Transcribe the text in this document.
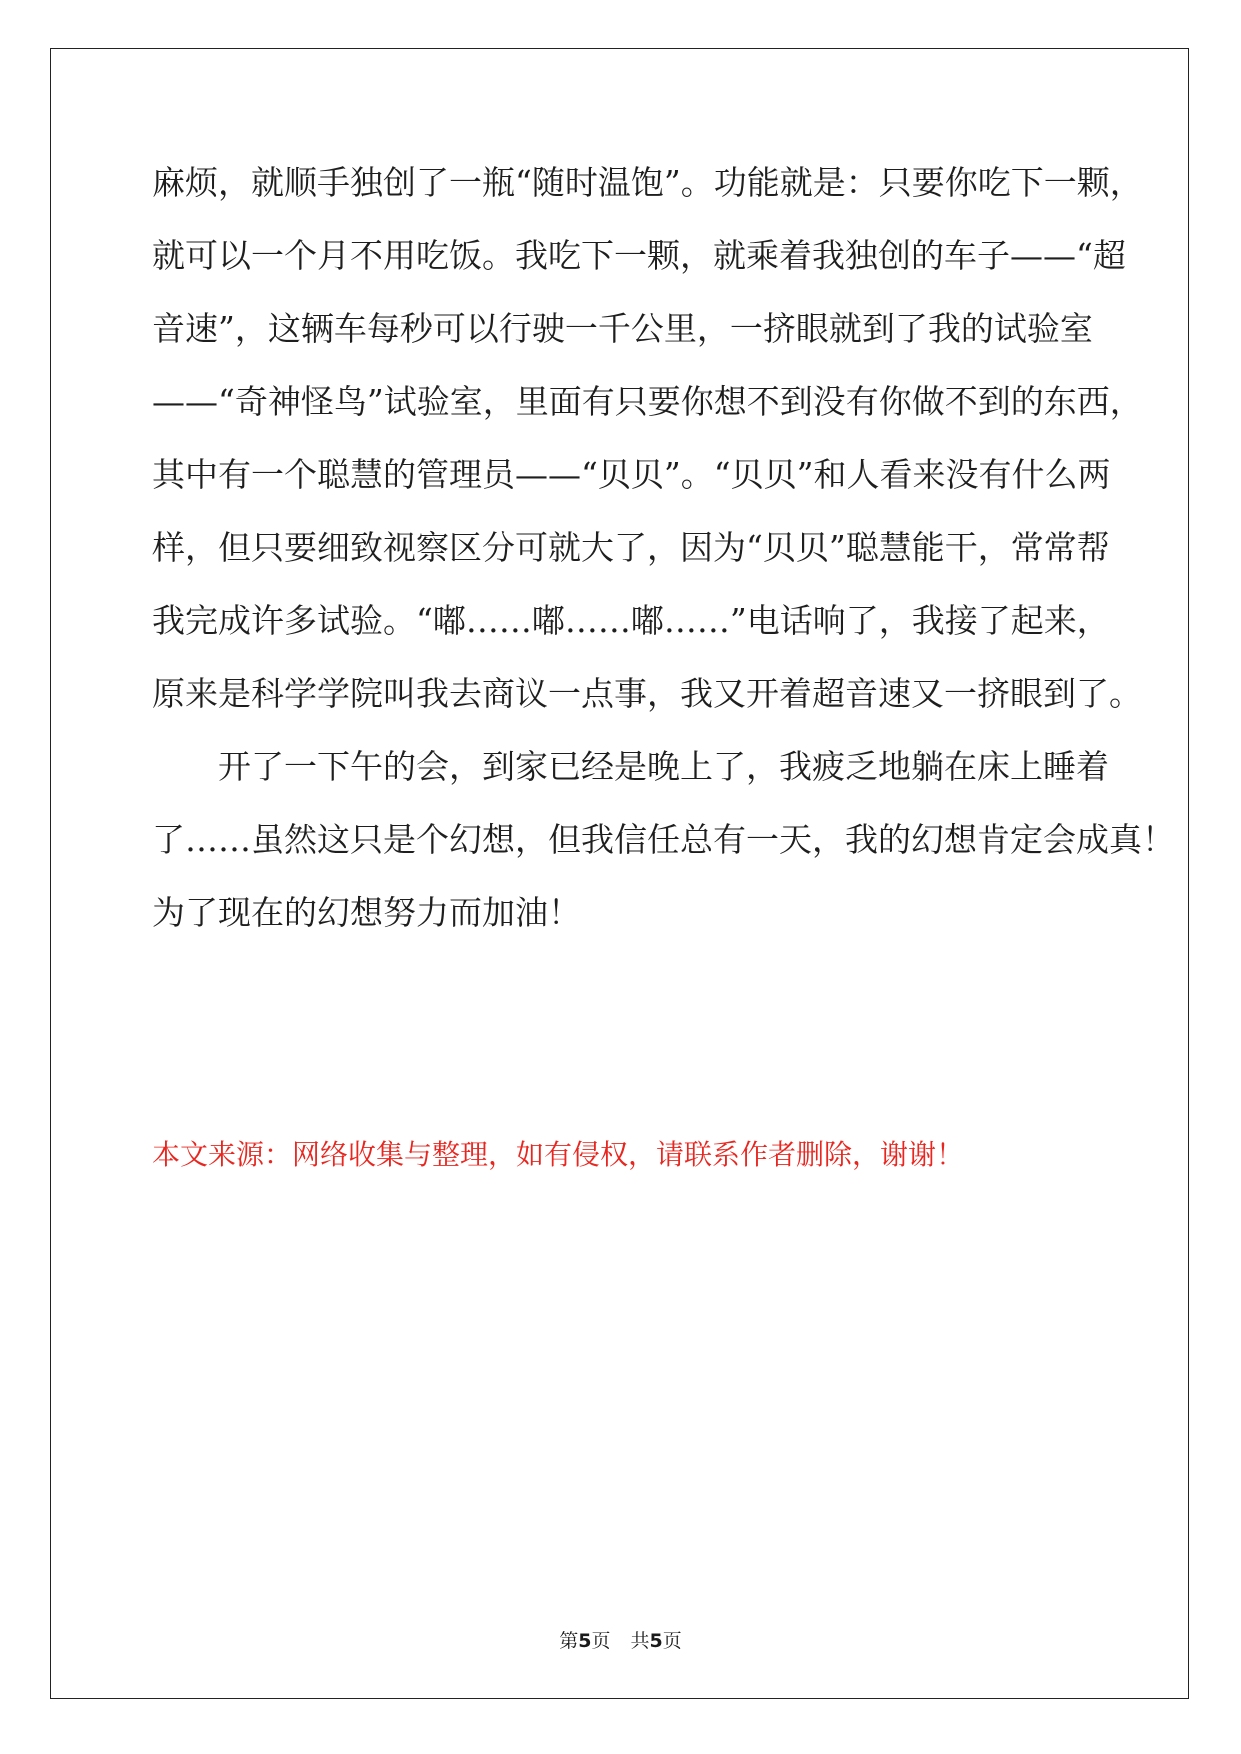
麻烦，就顺手独创了一瓶“随时温饱”。功能就是：只要你吃下一颗，
就可以一个月不用吃饭。我吃下一颗，就乘着我独创的车子——“超
音速”，这辆车每秒可以行驶一千公里，一挤眼就到了我的试验室
——“奇神怪鸟”试验室，里面有只要你想不到没有你做不到的东西，
其中有一个聪慧的管理员——“贝贝”。“贝贝”和人看来没有什么两
样，但只要细致视察区分可就大了，因为“贝贝”聪慧能干，常常帮
我完成许多试验。“嘟……嘟……嘟……”电话响了，我接了起来，
原来是科学学院叫我去商议一点事，我又开着超音速又一挤眼到了。
　　开了一下午的会，到家已经是晚上了，我疲乏地躺在床上睡着
了……虽然这只是个幻想，但我信任总有一天，我的幻想肯定会成真！
为了现在的幻想努力而加油！
本文来源：网络收集与整理，如有侵权，请联系作者删除，谢谢！
第5页 共5页
